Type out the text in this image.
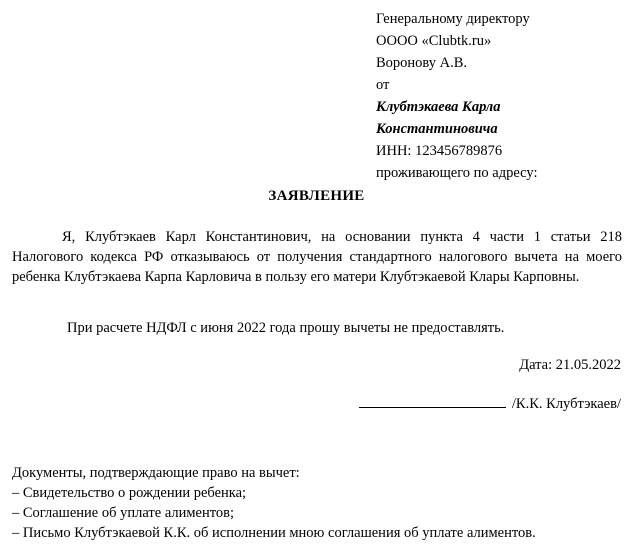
Генеральному директору
OOОО «Clubtk.ru»
Воронову А.В.
от
Клубтэкаева Карла
Константиновича
ИНН: 123456789876
проживающего по адресу:
ЗАЯВЛЕНИЕ

Я, Клубтэкаев Карл Константинович, на основании пункта 4 части 1 статьи 218 Налогового кодекса РФ отказываюсь от получения стандартного налогового вычета на моего ребенка Клубтэкаева Карпа Карловича в пользу его матери Клубтэкаевой Клары Карповны.

При расчете НДФЛ с июня 2022 года прошу вычеты не предоставлять.

Дата: 21.05.2022
/К.К. Клубтэкаев/
Документы, подтверждающие право на вычет:
– Свидетельство о рождении ребенка;
– Соглашение об уплате алиментов;
– Письмо Клубтэкаевой К.К. об исполнении мною соглашения об уплате алиментов.
